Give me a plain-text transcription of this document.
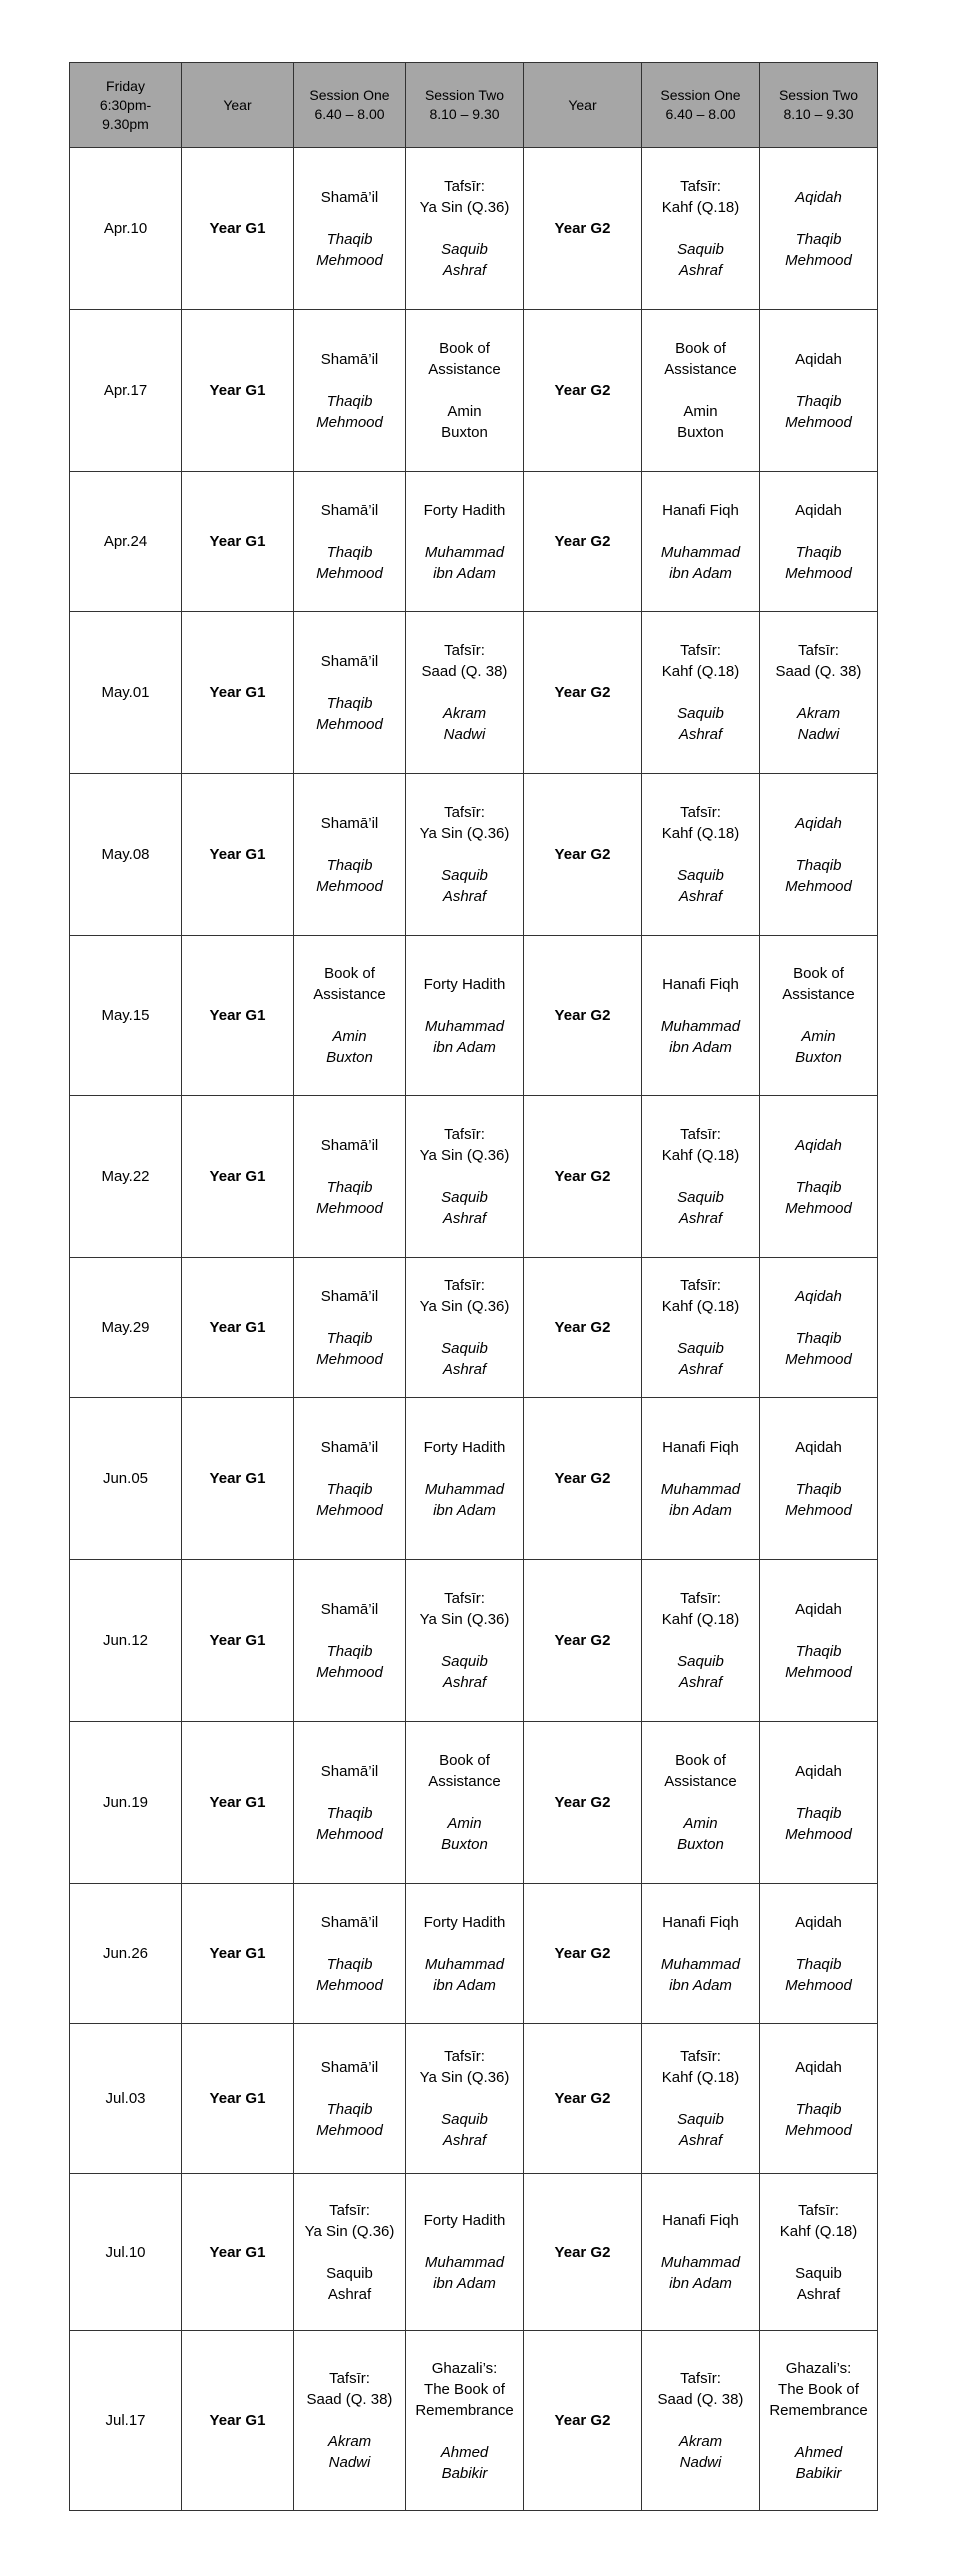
Friday
6:30pm-
9.30pm	Year	Session One
6.40 – 8.00	Session Two
8.10 – 9.30	Year	Session One
6.40 – 8.00	Session Two
8.10 – 9.30

Apr.10	Year G1	Shamā’il
Thaqib
Mehmood	Tafsīr:
Ya Sin (Q.36)
Saquib
Ashraf	Year G2	Tafsīr:
Kahf (Q.18)
Saquib
Ashraf	Aqidah
Thaqib
Mehmood

Apr.17	Year G1	Shamā’il
Thaqib
Mehmood	Book of
Assistance
Amin
Buxton	Year G2	Book of
Assistance
Amin
Buxton	Aqidah
Thaqib
Mehmood

Apr.24	Year G1	Shamā’il
Thaqib
Mehmood	Forty Hadith
Muhammad
ibn Adam	Year G2	Hanafi Fiqh
Muhammad
ibn Adam	Aqidah
Thaqib
Mehmood

May.01	Year G1	Shamā’il
Thaqib
Mehmood	Tafsīr:
Saad (Q. 38)
Akram
Nadwi	Year G2	Tafsīr:
Kahf (Q.18)
Saquib
Ashraf	Tafsīr:
Saad (Q. 38)
Akram
Nadwi

May.08	Year G1	Shamā’il
Thaqib
Mehmood	Tafsīr:
Ya Sin (Q.36)
Saquib
Ashraf	Year G2	Tafsīr:
Kahf (Q.18)
Saquib
Ashraf	Aqidah
Thaqib
Mehmood

May.15	Year G1	Book of
Assistance
Amin
Buxton	Forty Hadith
Muhammad
ibn Adam	Year G2	Hanafi Fiqh
Muhammad
ibn Adam	Book of
Assistance
Amin
Buxton

May.22	Year G1	Shamā’il
Thaqib
Mehmood	Tafsīr:
Ya Sin (Q.36)
Saquib
Ashraf	Year G2	Tafsīr:
Kahf (Q.18)
Saquib
Ashraf	Aqidah
Thaqib
Mehmood

May.29	Year G1	Shamā’il
Thaqib
Mehmood	Tafsīr:
Ya Sin (Q.36)
Saquib
Ashraf	Year G2	Tafsīr:
Kahf (Q.18)
Saquib
Ashraf	Aqidah
Thaqib
Mehmood

Jun.05	Year G1	Shamā’il
Thaqib
Mehmood	Forty Hadith
Muhammad
ibn Adam	Year G2	Hanafi Fiqh
Muhammad
ibn Adam	Aqidah
Thaqib
Mehmood

Jun.12	Year G1	Shamā’il
Thaqib
Mehmood	Tafsīr:
Ya Sin (Q.36)
Saquib
Ashraf	Year G2	Tafsīr:
Kahf (Q.18)
Saquib
Ashraf	Aqidah
Thaqib
Mehmood

Jun.19	Year G1	Shamā’il
Thaqib
Mehmood	Book of
Assistance
Amin
Buxton	Year G2	Book of
Assistance
Amin
Buxton	Aqidah
Thaqib
Mehmood

Jun.26	Year G1	Shamā’il
Thaqib
Mehmood	Forty Hadith
Muhammad
ibn Adam	Year G2	Hanafi Fiqh
Muhammad
ibn Adam	Aqidah
Thaqib
Mehmood

Jul.03	Year G1	Shamā’il
Thaqib
Mehmood	Tafsīr:
Ya Sin (Q.36)
Saquib
Ashraf	Year G2	Tafsīr:
Kahf (Q.18)
Saquib
Ashraf	Aqidah
Thaqib
Mehmood

Jul.10	Year G1	Tafsīr:
Ya Sin (Q.36)
Saquib
Ashraf	Forty Hadith
Muhammad
ibn Adam	Year G2	Hanafi Fiqh
Muhammad
ibn Adam	Tafsīr:
Kahf (Q.18)
Saquib
Ashraf

Jul.17	Year G1	Tafsīr:
Saad (Q. 38)
Akram
Nadwi	Ghazali’s:
The Book of
Remembrance
Ahmed
Babikir	Year G2	Tafsīr:
Saad (Q. 38)
Akram
Nadwi	Ghazali’s:
The Book of
Remembrance
Ahmed
Babikir
